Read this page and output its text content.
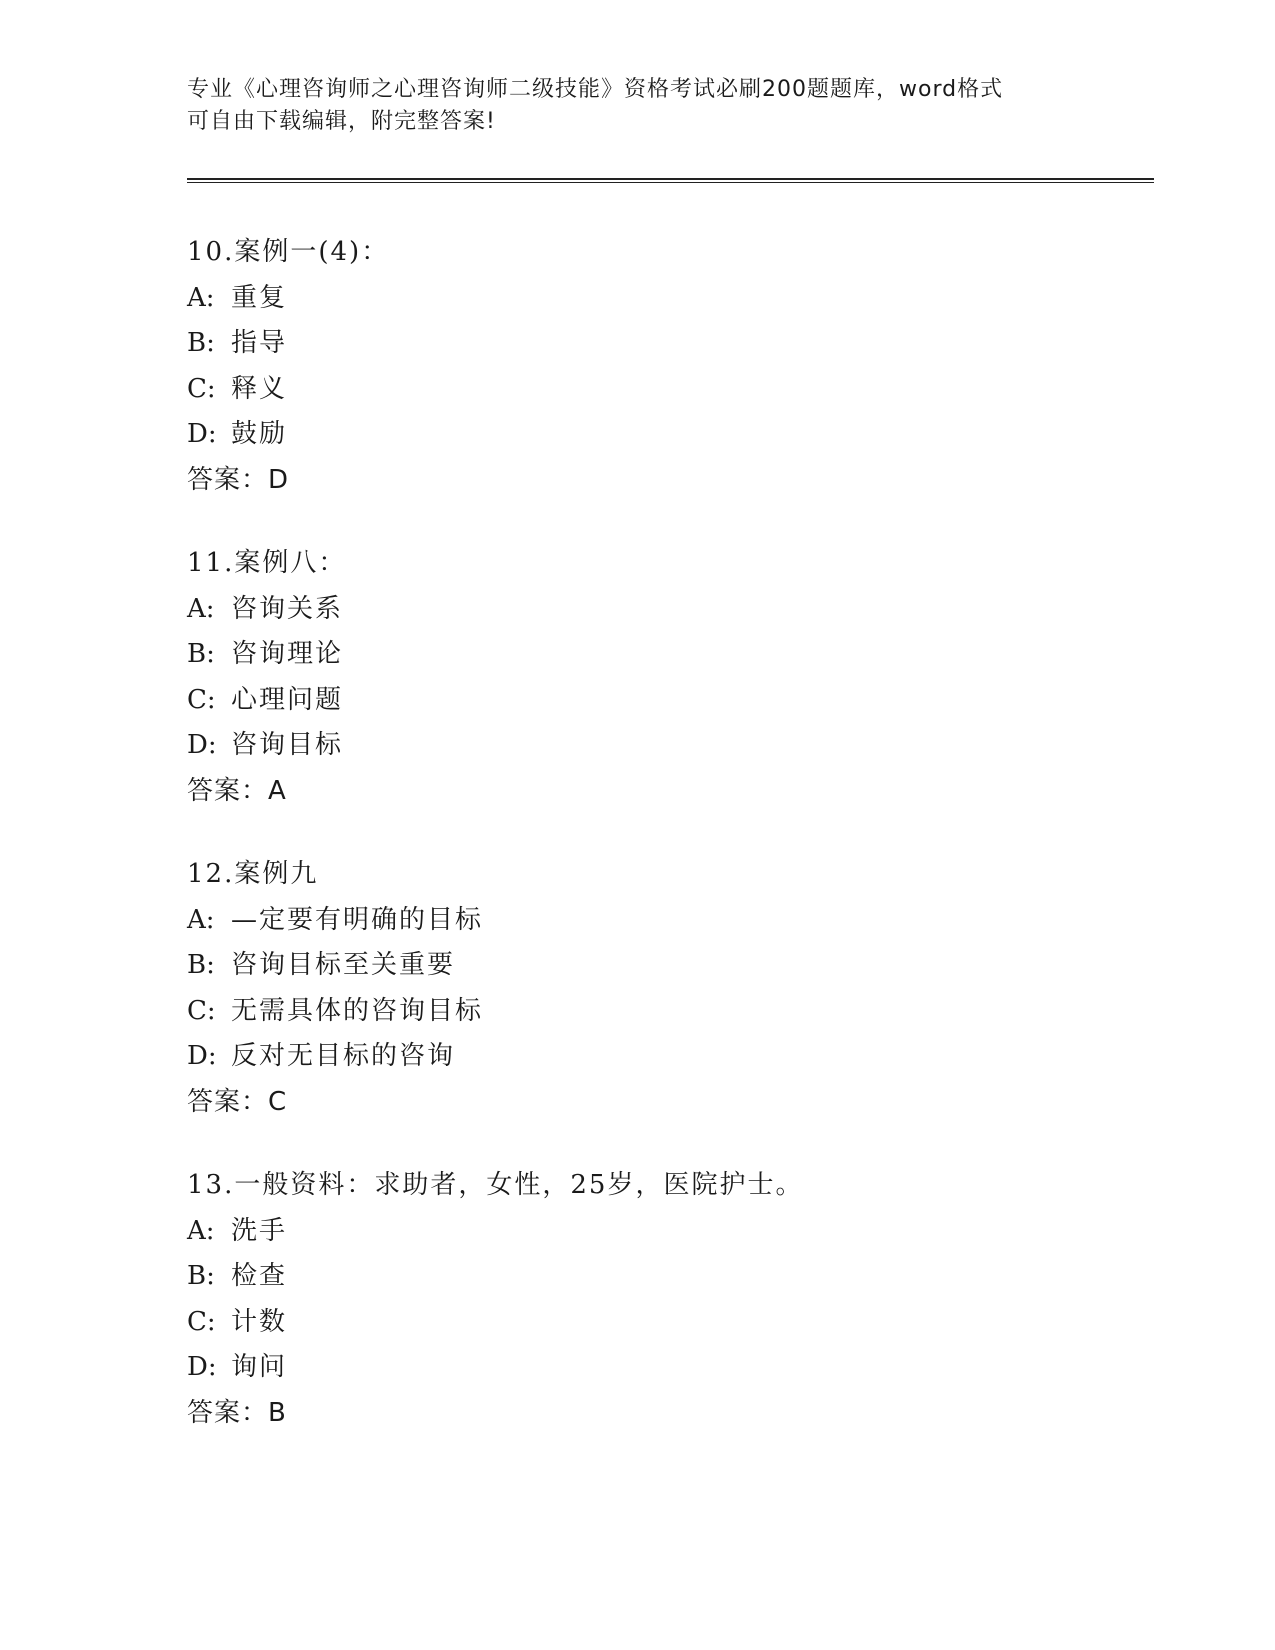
专业《心理咨询师之心理咨询师二级技能》资格考试必刷200题题库，word格式
可自由下载编辑，附完整答案!
10.案例一(4)：
A: 重复
B: 指导
C: 释义
D: 鼓励
答案：D
11.案例八：
A: 咨询关系
B: 咨询理论
C: 心理问题
D: 咨询目标
答案：A
12.案例九
A: —定要有明确的目标
B: 咨询目标至关重要
C: 无需具体的咨询目标
D: 反对无目标的咨询
答案：C
13.一般资料：求助者，女性，25岁，医院护士。
A: 洗手
B: 检查
C: 计数
D: 询问
答案：B
